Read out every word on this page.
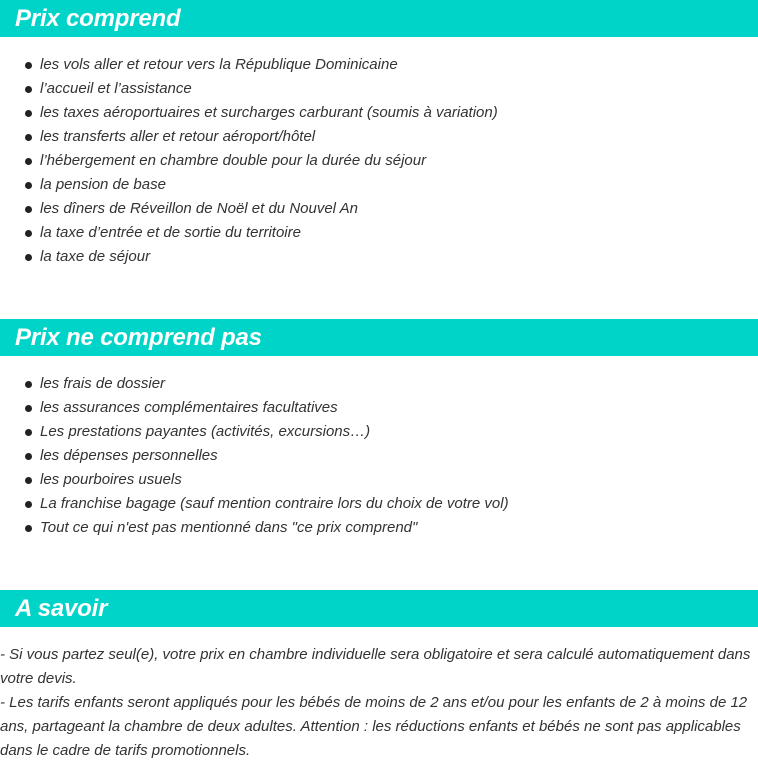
Prix comprend
les vols aller et retour vers la République Dominicaine
l’accueil et l’assistance
les taxes aéroportuaires et surcharges carburant (soumis à variation)
les transferts aller et retour aéroport/hôtel
l’hébergement en chambre double pour la durée du séjour
la pension de base
les dîners de Réveillon de Noël et du Nouvel An
la taxe d’entrée et de sortie du territoire
la taxe de séjour
Prix ne comprend pas
les frais de dossier
les assurances complémentaires facultatives
Les prestations payantes (activités, excursions…)
les dépenses personnelles
les pourboires usuels
La franchise bagage (sauf mention contraire lors du choix de votre vol)
Tout ce qui n'est pas mentionné dans "ce prix comprend"
A savoir

- Si vous partez seul(e), votre prix en chambre individuelle sera obligatoire et sera calculé automatiquement dans votre devis.

- Les tarifs enfants seront appliqués pour les bébés de moins de 2 ans et/ou pour les enfants de 2 à moins de 12 ans, partageant la chambre de deux adultes. Attention : les réductions enfants et bébés ne sont pas applicables dans le cadre de tarifs promotionnels.
